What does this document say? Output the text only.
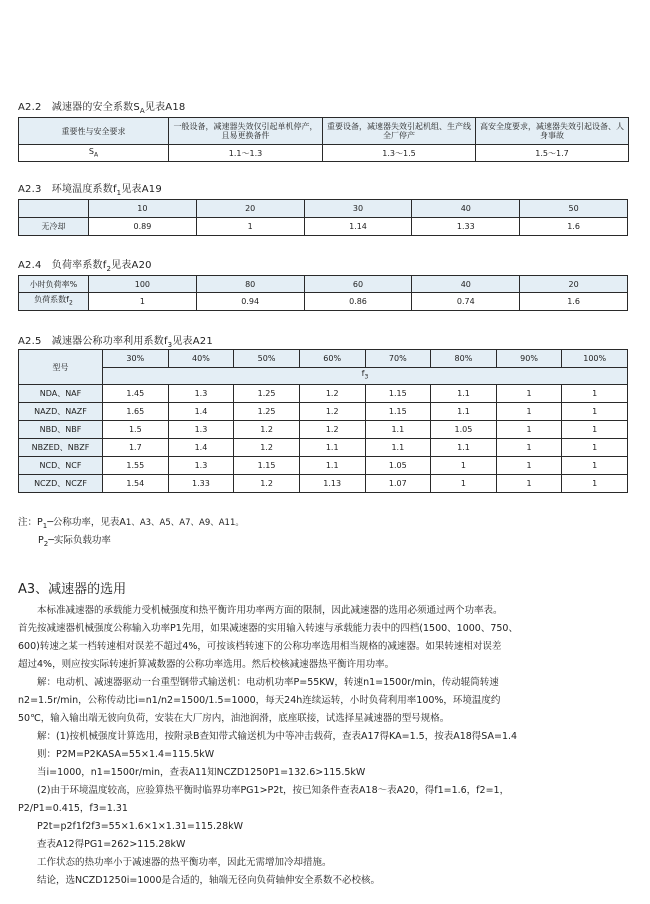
A2.2　减速器的安全系数$S_A$见表A18
重要性与安全要求	一般设备，减速器失效仅引起单机停产，且易更换备件	重要设备，减速器失效引起机组、生产线全厂停产	高安全度要求，减速器失效引起设备、人身事故
$S_A$	1.1～1.3	1.3～1.5	1.5～1.7
A2.3　环境温度系数$f_1$见表A19
	10	20	30	40	50
无冷却	0.89	1	1.14	1.33	1.6
A2.4　负荷率系数$f_2$见表A20
小时负荷率%	100	80	60	40	20
负荷系数$f_2$	1	0.94	0.86	0.74	1.6
A2.5　减速器公称功率利用系数$f_3$见表A21
型号	30%	40%	50%	60%	70%	80%	90%	100%
	$f_3$
NDA、NAF	1.45	1.3	1.25	1.2	1.15	1.1	1	1
NAZD、NAZF	1.65	1.4	1.25	1.2	1.15	1.1	1	1
NBD、NBF	1.5	1.3	1.2	1.2	1.1	1.05	1	1
NBZED、NBZF	1.7	1.4	1.2	1.1	1.1	1.1	1	1
NCD、NCF	1.55	1.3	1.15	1.1	1.05	1	1	1
NCZD、NCZF	1.54	1.33	1.2	1.13	1.07	1	1	1
注：$P_1─$公称功率，见表A1、A3、A5、A7、A9、A11。
$P_2─$实际负载功率
A3、减速器的选用
　　本标准减速器的承载能力受机械强度和热平衡许用功率两方面的限制，因此减速器的选用必须通过两个功率表。
首先按减速器机械强度公称输入功率P1先用，如果减速器的实用输入转速与承载能力表中的四档(1500、1000、750、
600)转速之某一档转速相对误差不超过4%，可按该档转速下的公称功率选用相当规格的减速器。如果转速相对误差
超过4%，则应按实际转速折算减数器的公称功率选用。然后校核减速器热平衡许用功率。
　　解：电动机、减速器驱动一台重型钢带式输送机：电动机功率P=55KW，转速n1=1500r/min，传动辊筒转速
n2=1.5r/min，公称传动比i=n1/n2=1500/1.5=1000，每天24h连续运转，小时负荷利用率100%，环境温度约
50℃，输入输出端无彼向负荷，安装在大厂房内，油池润滑，底座联接，试选择星减速器的型号规格。
　　解：(1)按机械强度计算选用，按附录B查知带式输送机为中等冲击载荷，查表A17得KA=1.5，按表A18得SA=1.4
　　则：P2M=P2KASA=55×1.4=115.5kW
　　当i=1000，n1=1500r/min，查表A11知NCZD1250P1=132.6>115.5kW
　　(2)由于环境温度较高，应验算热平衡时临界功率PG1>P2t，按已知条件查表A18～表A20，得f1=1.6，f2=1，
P2/P1=0.415，f3=1.31
　　P2t=p2f1f2f3=55×1.6×1×1.31=115.28kW
　　查表A12得PG1=262>115.28kW
　　工作状态的热功率小于减速器的热平衡功率，因此无需增加冷却措施。
　　结论，选NCZD1250i=1000是合适的，轴端无径向负荷轴伸安全系数不必校核。
